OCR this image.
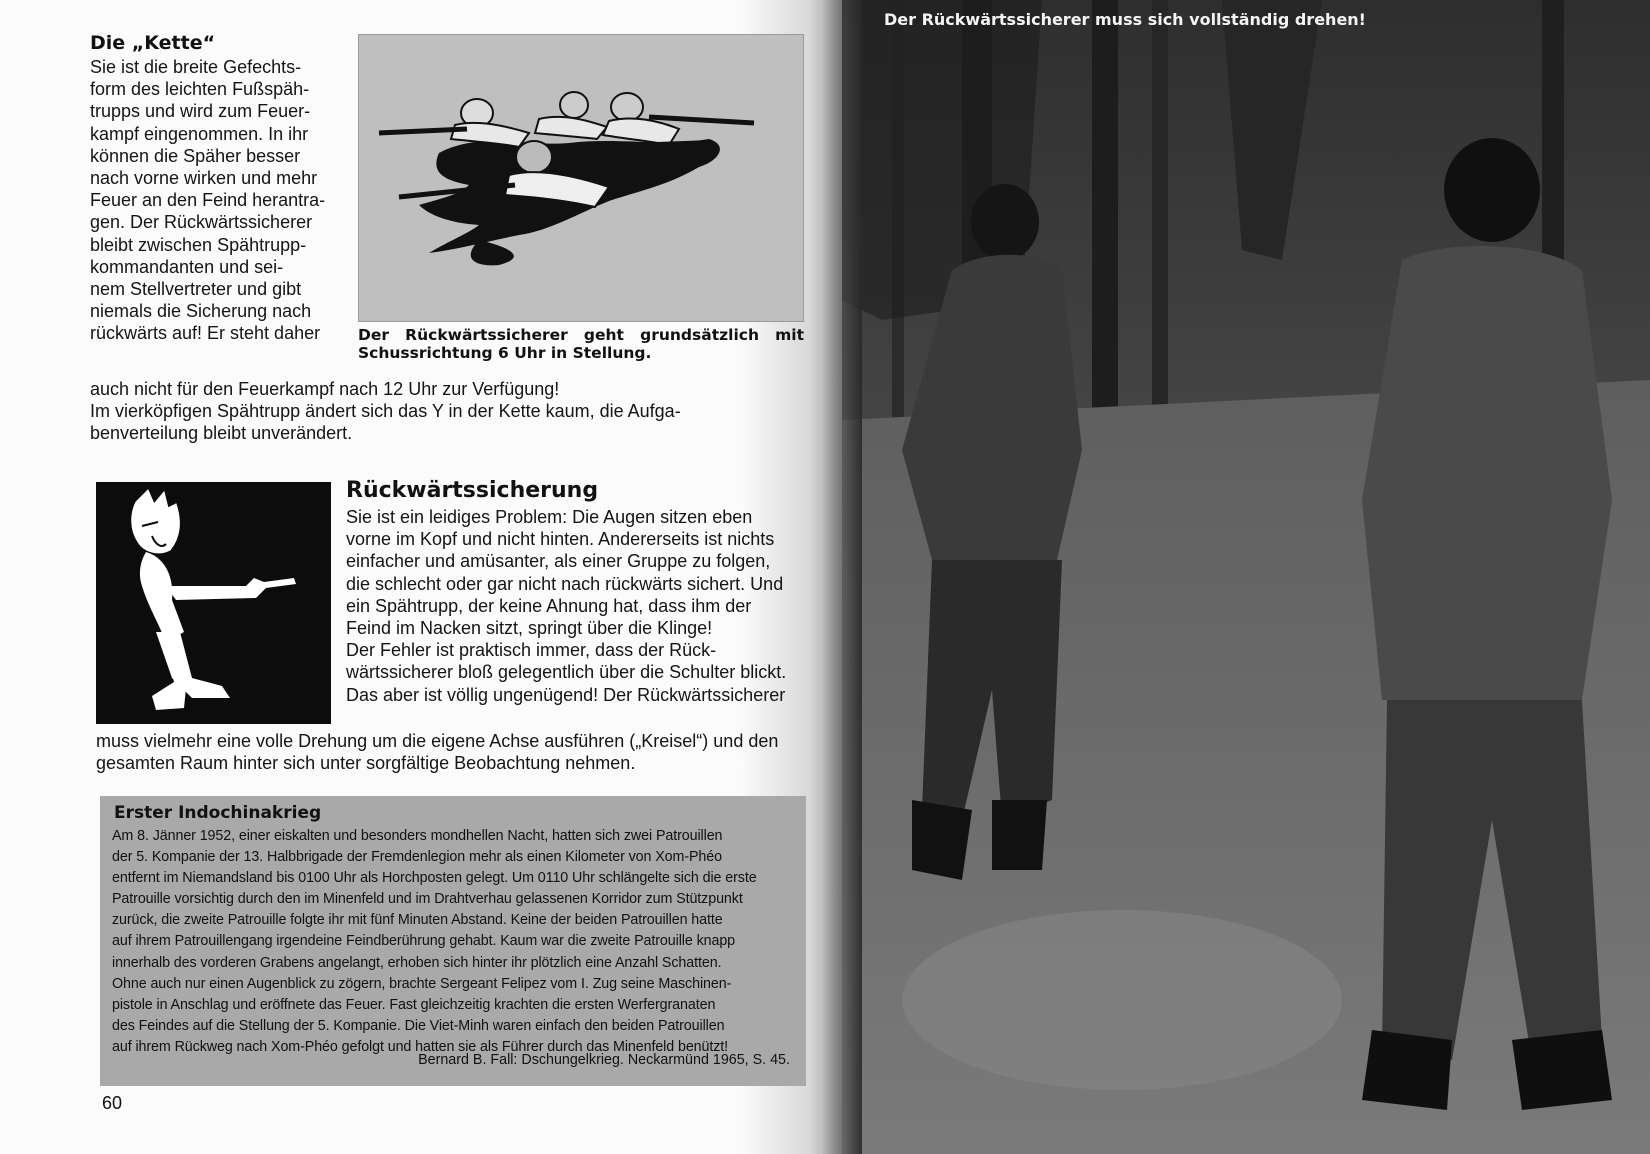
Die „Kette“
Sie ist die breite Gefechts-
form des leichten Fußspäh-
trupps und wird zum Feuer-
kampf eingenommen. In ihr
können die Späher besser
nach vorne wirken und mehr
Feuer an den Feind herantra-
gen. Der Rückwärtssicherer
bleibt zwischen Spähtrupp-
kommandanten und sei-
nem Stellvertreter und gibt
niemals die Sicherung nach
rückwärts auf! Er steht daher
auch nicht für den Feuerkampf nach 12 Uhr zur Verfügung!
Im vierköpfigen Spähtrupp ändert sich das Y in der Kette kaum, die Aufga-
benverteilung bleibt unverändert.
Der Rückwärtssicherer geht grundsätzlich mit Schussrichtung 6 Uhr in Stellung.
Rückwärtssicherung
Sie ist ein leidiges Problem: Die Augen sitzen eben
vorne im Kopf und nicht hinten. Andererseits ist nichts
einfacher und amüsanter, als einer Gruppe zu folgen,
die schlecht oder gar nicht nach rückwärts sichert. Und
ein Spähtrupp, der keine Ahnung hat, dass ihm der
Feind im Nacken sitzt, springt über die Klinge!
Der Fehler ist praktisch immer, dass der Rück-
wärtssicherer bloß gelegentlich über die Schulter blickt.
Das aber ist völlig ungenügend! Der Rückwärtssicherer
muss vielmehr eine volle Drehung um die eigene Achse ausführen („Kreisel“) und den
gesamten Raum hinter sich unter sorgfältige Beobachtung nehmen.
Erster Indochinakrieg
Am 8. Jänner 1952, einer eiskalten und besonders mondhellen Nacht, hatten sich zwei Patrouillen
der 5. Kompanie der 13. Halbbrigade der Fremdenlegion mehr als einen Kilometer von Xom-Phéo
entfernt im Niemandsland bis 0100 Uhr als Horchposten gelegt. Um 0110 Uhr schlängelte sich die erste
Patrouille vorsichtig durch den im Minenfeld und im Drahtverhau gelassenen Korridor zum Stützpunkt
zurück, die zweite Patrouille folgte ihr mit fünf Minuten Abstand. Keine der beiden Patrouillen hatte
auf ihrem Patrouillengang irgendeine Feindberührung gehabt. Kaum war die zweite Patrouille knapp
innerhalb des vorderen Grabens angelangt, erhoben sich hinter ihr plötzlich eine Anzahl Schatten.
Ohne auch nur einen Augenblick zu zögern, brachte Sergeant Felipez vom I. Zug seine Maschinen-
pistole in Anschlag und eröffnete das Feuer. Fast gleichzeitig krachten die ersten Werfergranaten
des Feindes auf die Stellung der 5. Kompanie. Die Viet-Minh waren einfach den beiden Patrouillen
auf ihrem Rückweg nach Xom-Phéo gefolgt und hatten sie als Führer durch das Minenfeld benützt!
Bernard B. Fall: Dschungelkrieg. Neckarmünd 1965, S. 45.
60
Der Rückwärtssicherer muss sich vollständig drehen!
